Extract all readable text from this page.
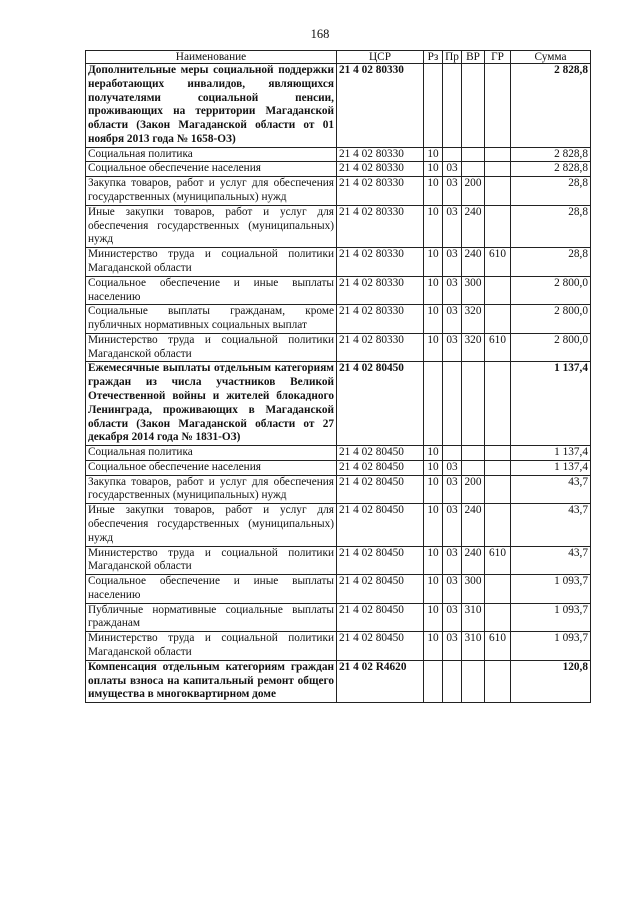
168
Наименование	ЦСР	Рз	Пр	ВР	ГР	Сумма
Дополнительные меры социальной поддержки неработающих инвалидов, являющихся получателями социальной пенсии, проживающих на территории Магаданской области (Закон Магаданской области от 01 ноября 2013 года № 1658-ОЗ)	21 4 02 80330					2 828,8
Социальная политика	21 4 02 80330	10				2 828,8
Социальное обеспечение населения	21 4 02 80330	10	03			2 828,8
Закупка товаров, работ и услуг для обеспечения государственных (муниципальных) нужд	21 4 02 80330	10	03	200		28,8
Иные закупки товаров, работ и услуг для обеспечения государственных (муниципальных) нужд	21 4 02 80330	10	03	240		28,8
Министерство труда и социальной политики Магаданской области	21 4 02 80330	10	03	240	610	28,8
Социальное обеспечение и иные выплаты населению	21 4 02 80330	10	03	300		2 800,0
Социальные выплаты гражданам, кроме публичных нормативных социальных выплат	21 4 02 80330	10	03	320		2 800,0
Министерство труда и социальной политики Магаданской области	21 4 02 80330	10	03	320	610	2 800,0
Ежемесячные выплаты отдельным категориям граждан из числа участников Великой Отечественной войны и жителей блокадного Ленинграда, проживающих в Магаданской области (Закон Магаданской области от 27 декабря 2014 года № 1831-ОЗ)	21 4 02 80450					1 137,4
Социальная политика	21 4 02 80450	10				1 137,4
Социальное обеспечение населения	21 4 02 80450	10	03			1 137,4
Закупка товаров, работ и услуг для обеспечения государственных (муниципальных) нужд	21 4 02 80450	10	03	200		43,7
Иные закупки товаров, работ и услуг для обеспечения государственных (муниципальных) нужд	21 4 02 80450	10	03	240		43,7
Министерство труда и социальной политики Магаданской области	21 4 02 80450	10	03	240	610	43,7
Социальное обеспечение и иные выплаты населению	21 4 02 80450	10	03	300		1 093,7
Публичные нормативные социальные выплаты гражданам	21 4 02 80450	10	03	310		1 093,7
Министерство труда и социальной политики Магаданской области	21 4 02 80450	10	03	310	610	1 093,7
Компенсация отдельным категориям граждан оплаты взноса на капитальный ремонт общего имущества в многоквартирном доме	21 4 02 R4620					120,8
